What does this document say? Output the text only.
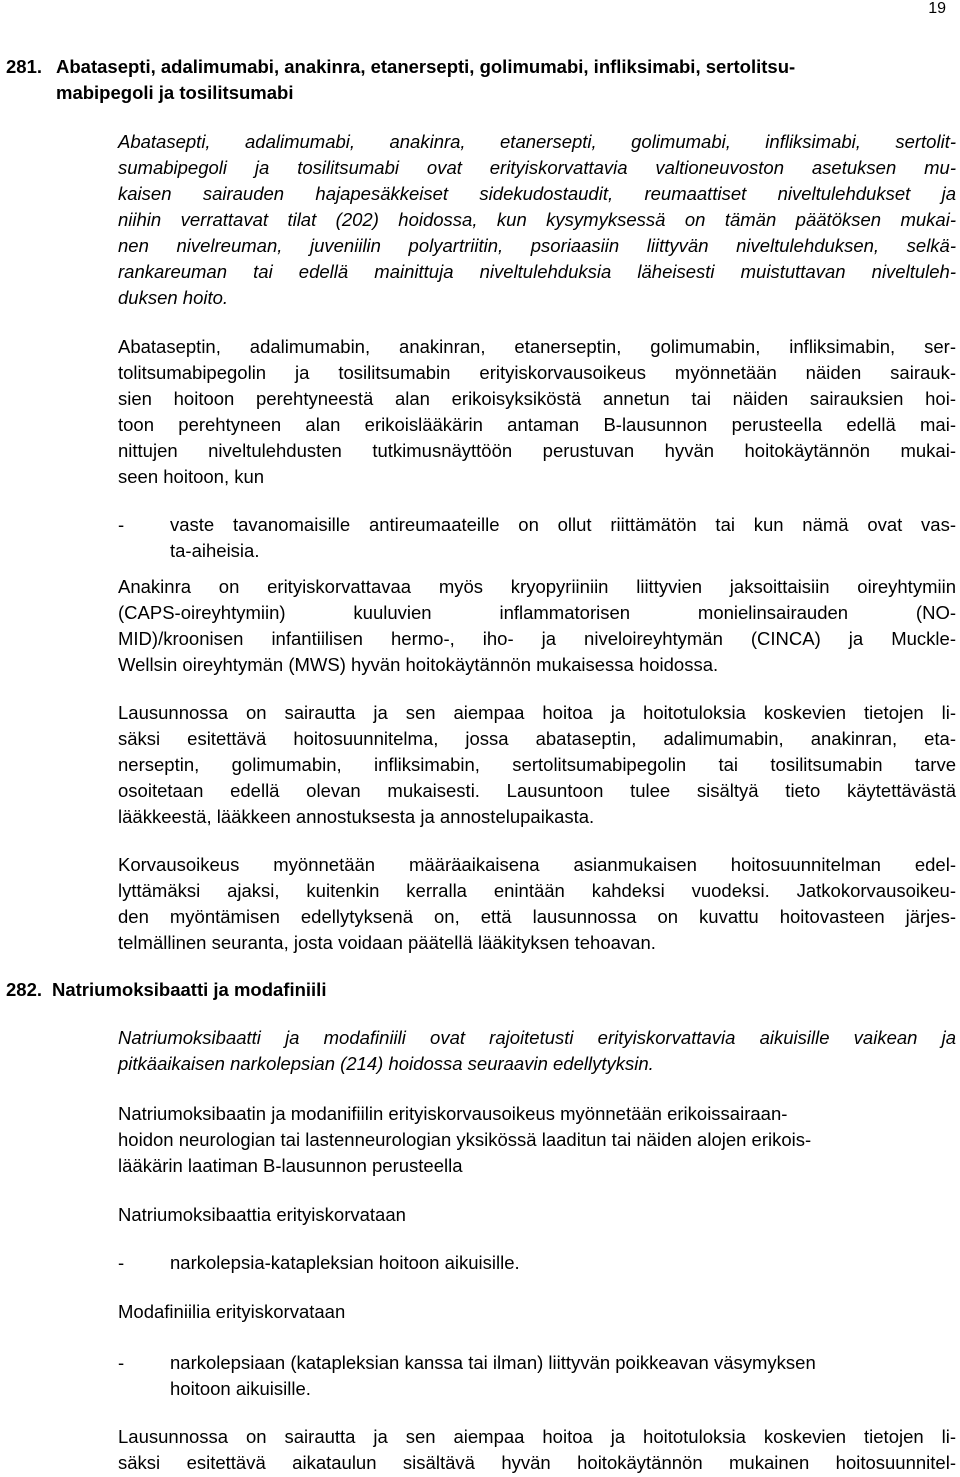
19
281. Abatasepti, adalimumabi, anakinra, etanersepti, golimumabi, infliksimabi, sertolitsu-
mabipegoli ja tosilitsumabi
Abatasepti, adalimumabi, anakinra, etanersepti, golimumabi, infliksimabi, sertolit-
sumabipegoli ja tosilitsumabi ovat erityiskorvattavia valtioneuvoston asetuksen mu-
kaisen sairauden hajapesäkkeiset sidekudostaudit, reumaattiset niveltulehdukset ja
niihin verrattavat tilat (202) hoidossa, kun kysymyksessä on tämän päätöksen mukai-
nen nivelreuman, juveniilin polyartriitin, psoriaasiin liittyvän niveltulehduksen, selkä-
rankareuman tai edellä mainittuja niveltulehduksia läheisesti muistuttavan niveltuleh-
duksen hoito.
Abataseptin, adalimumabin, anakinran, etanerseptin, golimumabin, infliksimabin, ser-
tolitsumabipegolin ja tosilitsumabin erityiskorvausoikeus myönnetään näiden sairauk-
sien hoitoon perehtyneestä alan erikoisyksiköstä annetun tai näiden sairauksien hoi-
toon perehtyneen alan erikoislääkärin antaman B-lausunnon perusteella edellä mai-
nittujen niveltulehdusten tutkimusnäyttöön perustuvan hyvän hoitokäytännön mukai-
seen hoitoon, kun
- vaste tavanomaisille antireumaateille on ollut riittämätön tai kun nämä ovat vas-
ta-aiheisia.
Anakinra on erityiskorvattavaa myös kryopyriiniin liittyvien jaksoittaisiin oireyhtymiin
(CAPS-oireyhtymiin) kuuluvien inflammatorisen monielinsairauden (NO-
MID)/kroonisen infantiilisen hermo-, iho- ja niveloireyhtymän (CINCA) ja Muckle-
Wellsin oireyhtymän (MWS) hyvän hoitokäytännön mukaisessa hoidossa.
Lausunnossa on sairautta ja sen aiempaa hoitoa ja hoitotuloksia koskevien tietojen li-
säksi esitettävä hoitosuunnitelma, jossa abataseptin, adalimumabin, anakinran, eta-
nerseptin, golimumabin, infliksimabin, sertolitsumabipegolin tai tosilitsumabin tarve
osoitetaan edellä olevan mukaisesti. Lausuntoon tulee sisältyä tieto käytettävästä
lääkkeestä, lääkkeen annostuksesta ja annostelupaikasta.
Korvausoikeus myönnetään määräaikaisena asianmukaisen hoitosuunnitelman edel-
lyttämäksi ajaksi, kuitenkin kerralla enintään kahdeksi vuodeksi. Jatkokorvausoikeu-
den myöntämisen edellytyksenä on, että lausunnossa on kuvattu hoitovasteen järjes-
telmällinen seuranta, josta voidaan päätellä lääkityksen tehoavan.
282. Natriumoksibaatti ja modafiniili
Natriumoksibaatti ja modafiniili ovat rajoitetusti erityiskorvattavia aikuisille vaikean ja
pitkäaikaisen narkolepsian (214) hoidossa seuraavin edellytyksin.
Natriumoksibaatin ja modanifiilin erityiskorvausoikeus myönnetään erikoissairaan-
hoidon neurologian tai lastenneurologian yksikössä laaditun tai näiden alojen erikois-
lääkärin laatiman B-lausunnon perusteella
Natriumoksibaattia erityiskorvataan
- narkolepsia-katapleksian hoitoon aikuisille.
Modafiniilia erityiskorvataan
- narkolepsiaan (katapleksian kanssa tai ilman) liittyvän poikkeavan väsymyksen
hoitoon aikuisille.
Lausunnossa on sairautta ja sen aiempaa hoitoa ja hoitotuloksia koskevien tietojen li-
säksi esitettävä aikataulun sisältävä hyvän hoitokäytännön mukainen hoitosuunnitel-
